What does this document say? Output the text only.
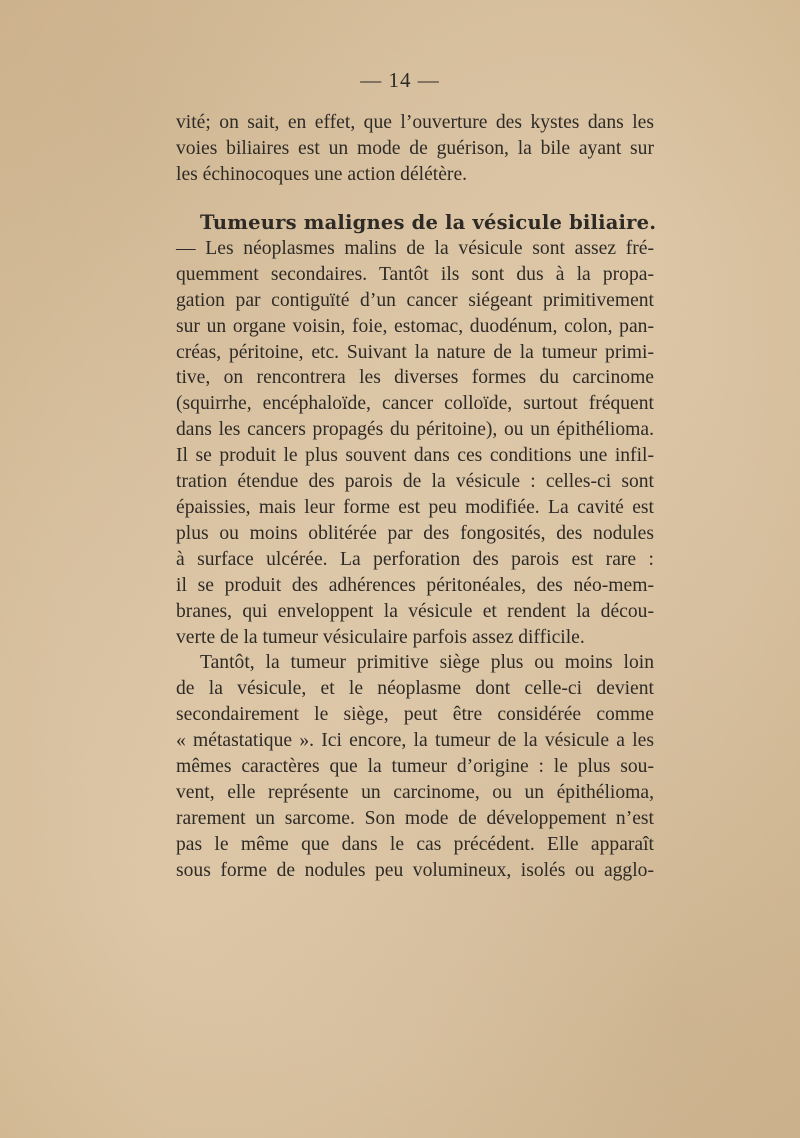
— 14 —
vité; on sait, en effet, que l’ouverture des kystes dans les
voies biliaires est un mode de guérison, la bile ayant sur
les échinocoques une action délétère.
Tumeurs malignes de la vésicule biliaire.
— Les néoplasmes malins de la vésicule sont assez fré-
quemment secondaires. Tantôt ils sont dus à la propa-
gation par contiguïté d’un cancer siégeant primitivement
sur un organe voisin, foie, estomac, duodénum, colon, pan-
créas, péritoine, etc. Suivant la nature de la tumeur primi-
tive, on rencontrera les diverses formes du carcinome
(squirrhe, encéphaloïde, cancer colloïde, surtout fréquent
dans les cancers propagés du péritoine), ou un épithélioma.
Il se produit le plus souvent dans ces conditions une infil-
tration étendue des parois de la vésicule : celles-ci sont
épaissies, mais leur forme est peu modifiée. La cavité est
plus ou moins oblitérée par des fongosités, des nodules
à surface ulcérée. La perforation des parois est rare :
il se produit des adhérences péritonéales, des néo-mem-
branes, qui enveloppent la vésicule et rendent la décou-
verte de la tumeur vésiculaire parfois assez difficile.
Tantôt, la tumeur primitive siège plus ou moins loin
de la vésicule, et le néoplasme dont celle-ci devient
secondairement le siège, peut être considérée comme
« métastatique ». Ici encore, la tumeur de la vésicule a les
mêmes caractères que la tumeur d’origine : le plus sou-
vent, elle représente un carcinome, ou un épithélioma,
rarement un sarcome. Son mode de développement n’est
pas le même que dans le cas précédent. Elle apparaît
sous forme de nodules peu volumineux, isolés ou agglo-
